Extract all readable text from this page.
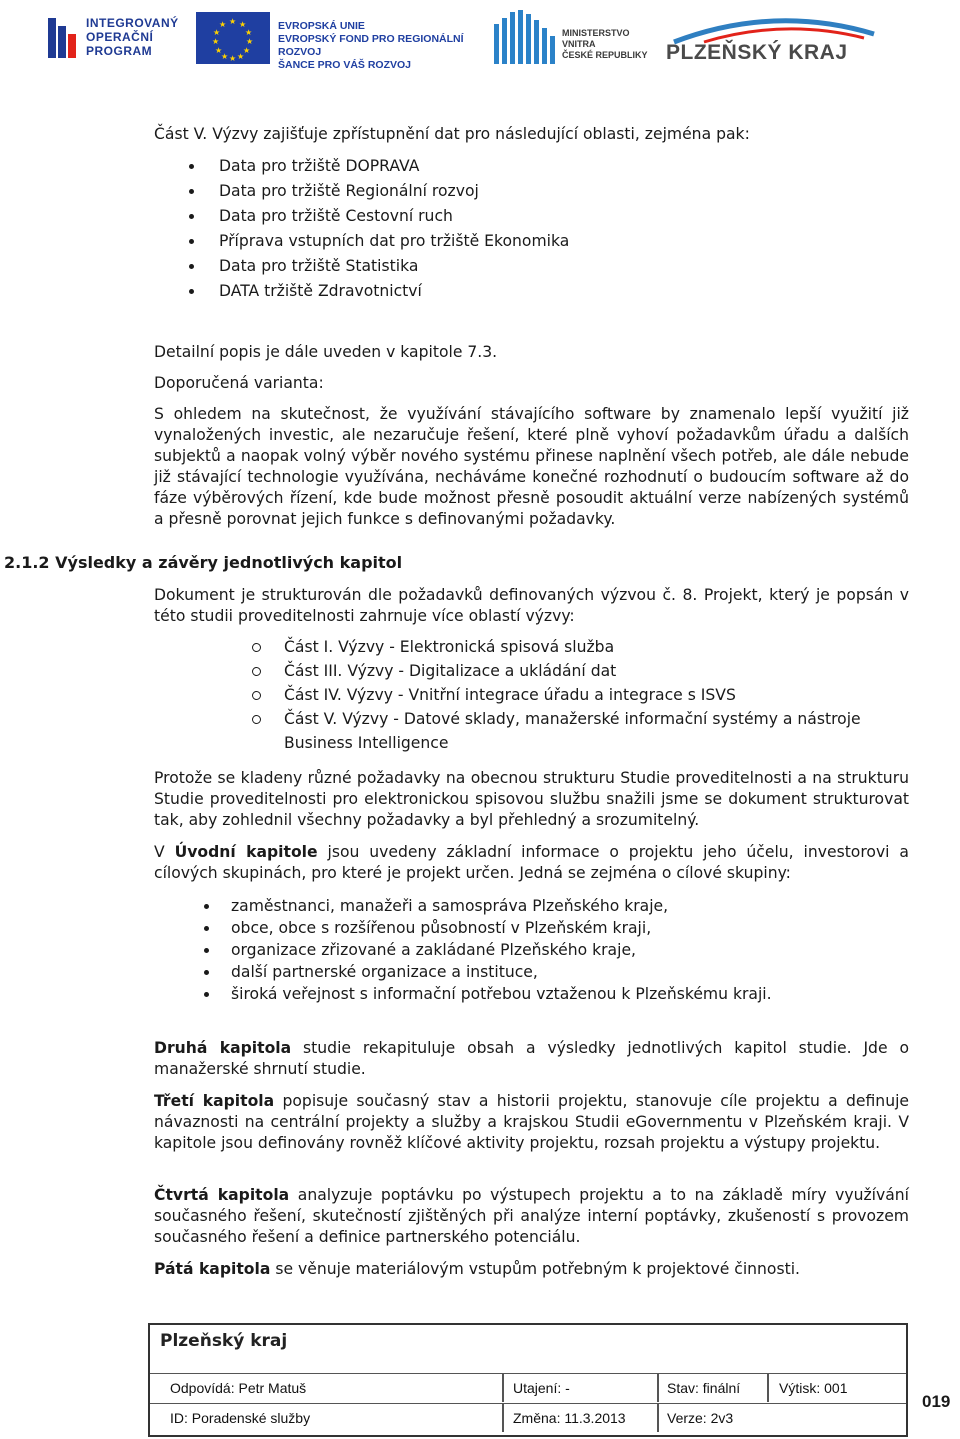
INTEGROVANÝ
OPERAČNÍ
PROGRAM
★ ★
★
★
★
★
★
★
★
★
★
★	EVROPSKÁ UNIE
EVROPSKÝ FOND PRO REGIONÁLNÍ ROZVOJ
ŠANCE PRO VÁŠ ROZVOJ
MINISTERSTVO VNITRA
ČESKÉ REPUBLIKY PLZEŇSKÝ KRAJ
Část V. Výzvy zajišťuje zpřístupnění dat pro následující oblasti, zejména pak:
Data pro tržiště DOPRAVA
Data pro tržiště Regionální rozvoj
Data pro tržiště Cestovní ruch
Příprava vstupních dat pro tržiště Ekonomika
Data pro tržiště Statistika
DATA tržiště Zdravotnictví
Detailní popis je dále uveden v kapitole 7.3.
Doporučená varianta:
S ohledem na skutečnost, že využívání stávajícího software by znamenalo lepší využití již vynaložených investic, ale nezaručuje řešení, které plně vyhoví požadavkům úřadu a dalších subjektů a naopak volný výběr nového systému přinese naplnění všech potřeb, ale dále nebude již stávající technologie využívána, necháváme konečné rozhodnutí o budoucím software až do fáze výběrových řízení, kde bude možnost přesně posoudit aktuální verze nabízených systémů a přesně porovnat jejich funkce s definovanými požadavky.
2.1.2 Výsledky a závěry jednotlivých kapitol
Dokument je strukturován dle požadavků definovaných výzvou č. 8. Projekt, který je popsán v této studii proveditelnosti zahrnuje více oblastí výzvy:
Část I. Výzvy - Elektronická spisová služba
Část III. Výzvy - Digitalizace a ukládání dat
Část IV. Výzvy - Vnitřní integrace úřadu a integrace s ISVS
Část V. Výzvy - Datové sklady, manažerské informační systémy a nástroje Business Intelligence
Protože se kladeny různé požadavky na obecnou strukturu Studie proveditelnosti a na strukturu Studie proveditelnosti pro elektronickou spisovou službu snažili jsme se dokument strukturovat tak, aby zohlednil všechny požadavky a byl přehledný a srozumitelný.
V Úvodní kapitole jsou uvedeny základní informace o projektu jeho účelu, investorovi a cílových skupinách, pro které je projekt určen. Jedná se zejména o cílové skupiny:
zaměstnanci, manažeři a samospráva Plzeňského kraje,
obce, obce s rozšířenou působností v Plzeňském kraji,
organizace zřizované a zakládané Plzeňského kraje,
další partnerské organizace a instituce,
široká veřejnost s informační potřebou vztaženou k Plzeňskému kraji.
Druhá kapitola studie rekapituluje obsah a výsledky jednotlivých kapitol studie. Jde o manažerské shrnutí studie.
Třetí kapitola popisuje současný stav a historii projektu, stanovuje cíle projektu a definuje návaznosti na centrální projekty a služby a krajskou Studii eGovernmentu v Plzeňském kraji. V kapitole jsou definovány rovněž klíčové aktivity projektu, rozsah projektu a výstupy projektu.
Čtvrtá kapitola analyzuje poptávku po výstupech projektu a to na základě míry využívání současného řešení, skutečností zjištěných při analýze interní poptávky, zkušeností s provozem současného řešení a definice partnerského potenciálu.
Pátá kapitola se věnuje materiálovým vstupům potřebným k projektové činnosti.
Plzeňský kraj
Odpovídá: Petr Matuš	Utajení: -	Stav: finální	Výtisk: 001
ID: Poradenské služby	Změna: 11.3.2013	Verze: 2v3
019
